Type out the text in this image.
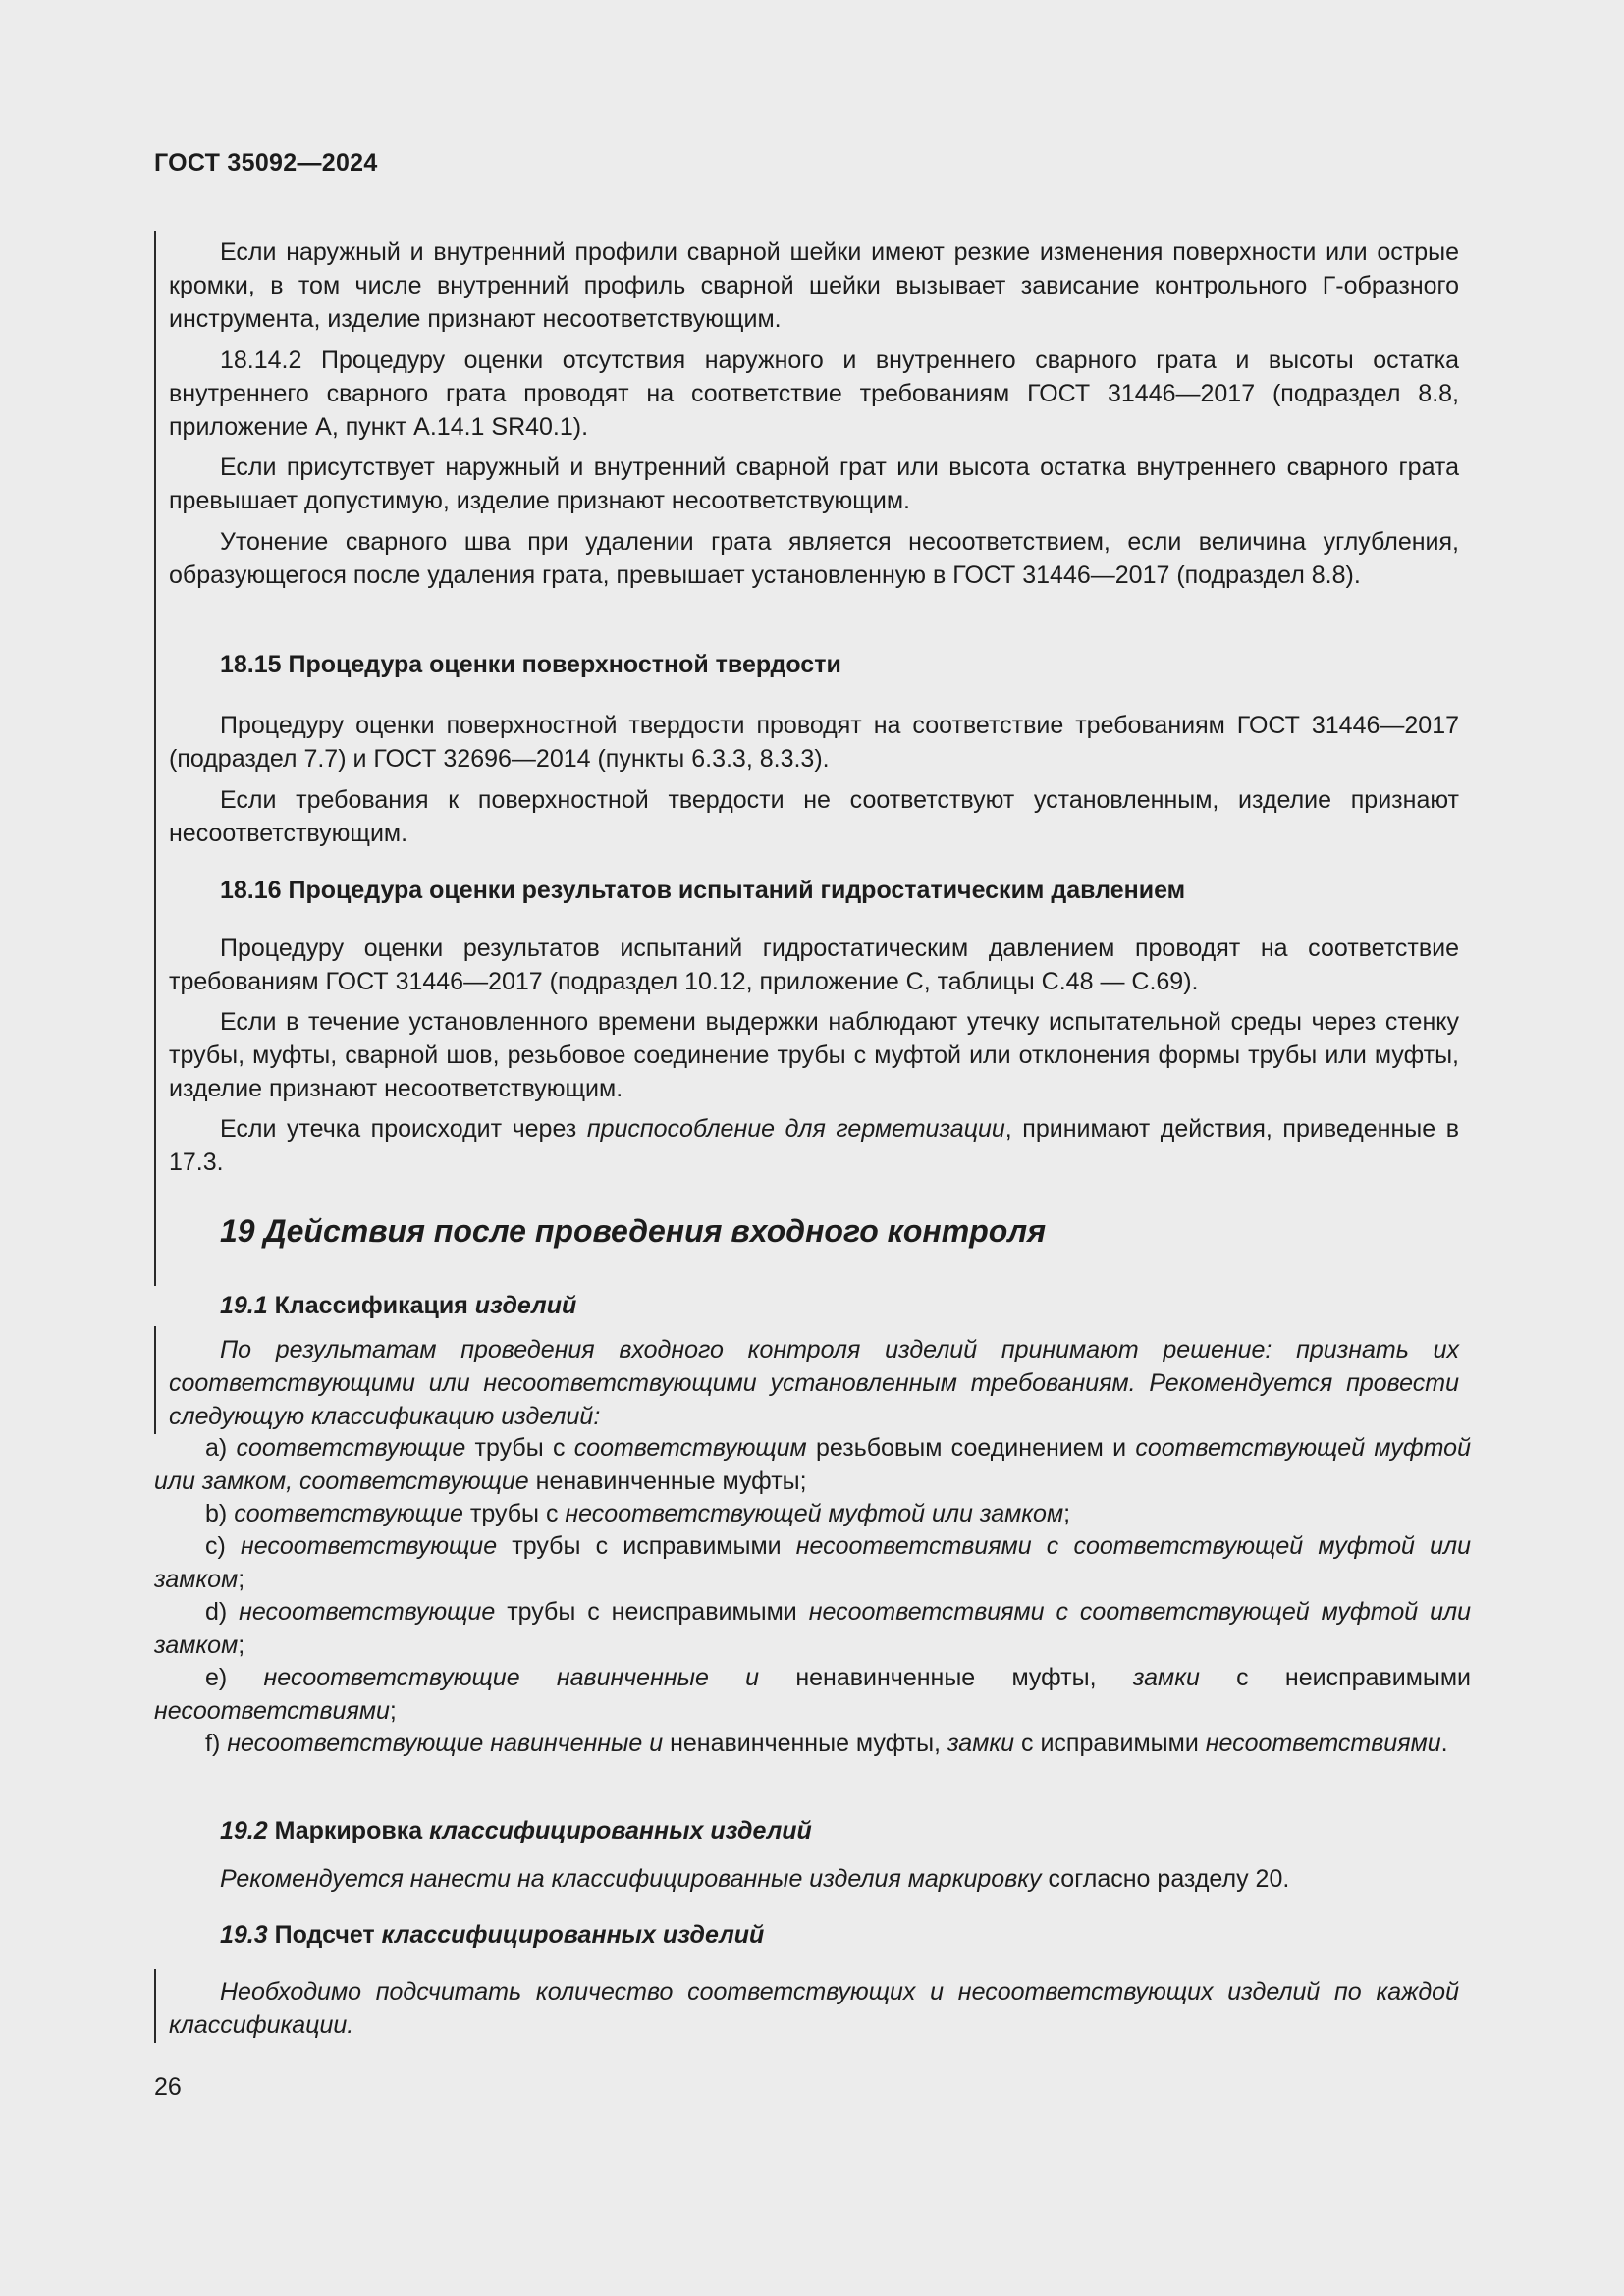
ГОСТ 35092—2024

Если наружный и внутренний профили сварной шейки имеют резкие изменения поверхности или острые кромки, в том числе внутренний профиль сварной шейки вызывает зависание контрольного Г-образного инструмента, изделие признают несоответствующим.

18.14.2 Процедуру оценки отсутствия наружного и внутреннего сварного грата и высоты остатка внутреннего сварного грата проводят на соответствие требованиям ГОСТ 31446—2017 (подраздел 8.8, приложение А, пункт А.14.1 SR40.1).

Если присутствует наружный и внутренний сварной грат или высота остатка внутреннего сварного грата превышает допустимую, изделие признают несоответствующим.

Утонение сварного шва при удалении грата является несоответствием, если величина углубления, образующегося после удаления грата, превышает установленную в ГОСТ 31446—2017 (подраздел 8.8).

18.15 Процедура оценки поверхностной твердости

Процедуру оценки поверхностной твердости проводят на соответствие требованиям ГОСТ 31446—2017 (подраздел 7.7) и ГОСТ 32696—2014 (пункты 6.3.3, 8.3.3).

Если требования к поверхностной твердости не соответствуют установленным, изделие признают несоответствующим.

18.16 Процедура оценки результатов испытаний гидростатическим давлением

Процедуру оценки результатов испытаний гидростатическим давлением проводят на соответствие требованиям ГОСТ 31446—2017 (подраздел 10.12, приложение С, таблицы С.48 — С.69).

Если в течение установленного времени выдержки наблюдают утечку испытательной среды через стенку трубы, муфты, сварной шов, резьбовое соединение трубы с муфтой или отклонения формы трубы или муфты, изделие признают несоответствующим.

Если утечка происходит через приспособление для герметизации, принимают действия, приведенные в 17.3.

19 Действия после проведения входного контроля
19.1 Классификация изделий

По результатам проведения входного контроля изделий принимают решение: признать их соответствующими или несоответствующими установленным требованиям. Рекомендуется провести следующую классификацию изделий:

а) соответствующие трубы с соответствующим резьбовым соединением и соответствующей муфтой или замком, соответствующие ненавинченные муфты;

b) соответствующие трубы с несоответствующей муфтой или замком;

c) несоответствующие трубы с исправимыми несоответствиями с соответствующей муфтой или замком;

d) несоответствующие трубы с неисправимыми несоответствиями с соответствующей муфтой или замком;

e) несоответствующие навинченные и ненавинченные муфты, замки с неисправимыми несоответствиями;

f) несоответствующие навинченные и ненавинченные муфты, замки с исправимыми несоответствиями.

19.2 Маркировка классифицированных изделий

Рекомендуется нанести на классифицированные изделия маркировку согласно разделу 20.

19.3 Подсчет классифицированных изделий

Необходимо подсчитать количество соответствующих и несоответствующих изделий по каждой классификации.

26
